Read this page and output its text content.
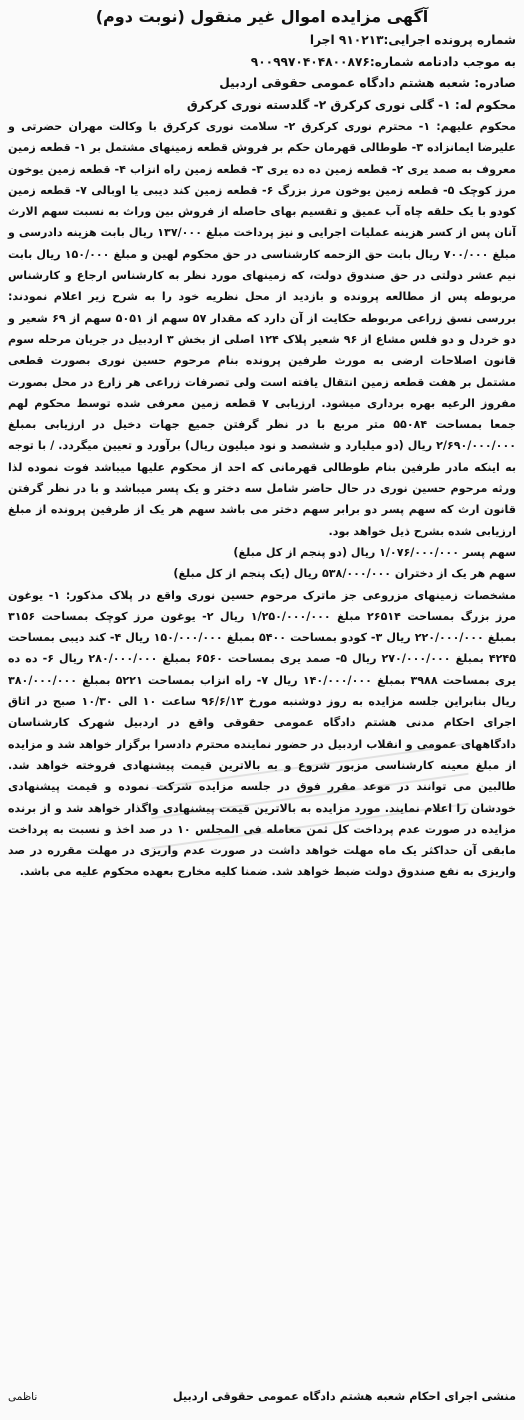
آگهی مزایده اموال غیر منقول (نوبت دوم)
شماره پرونده اجرایی:۹۱۰۲۱۳ اجرا
به موجب دادنامه شماره:۹۰۰۹۹۷۰۴۰۴۸۰۰۸۷۶
صادره: شعبه هشتم دادگاه عمومی حقوقی اردبیل
محکوم له: ۱- گلی نوری کرکرق ۲- گلدسته نوری کرکرق

محکوم علیهم: ۱- محترم نوری کرکرق ۲- سلامت نوری کرکرق با وکالت مهران حضرتی و علیرضا ایمانزاده ۳- طوطالی قهرمان حکم بر فروش قطعه زمینهای مشتمل بر ۱- قطعه زمین معروف به صمد یری ۲- قطعه زمین ده ده یری ۳- قطعه زمین راه انزاب ۴- قطعه زمین یوخون مرز کوچک ۵- قطعه زمین یوخون مرز بزرگ ۶- قطعه زمین کند دیبی یا اوبالی ۷- قطعه زمین کودو با یک حلقه چاه آب عمیق و تقسیم بهای حاصله از فروش بین وراث به نسبت سهم الارث آنان پس از کسر هزینه عملیات اجرایی و نیز پرداخت مبلغ ۱۳۷/۰۰۰ ریال بابت هزینه دادرسی و مبلغ ۷۰۰/۰۰۰ ریال بابت حق الزحمه کارشناسی در حق محکوم لهین و مبلغ ۱۵۰/۰۰۰ ریال بابت نیم عشر دولتی در حق صندوق دولت، که زمینهای مورد نظر به کارشناس ارجاع و کارشناس مربوطه پس از مطالعه پرونده و بازدید از محل نظریه خود را به شرح زیر اعلام نمودند: بررسی نسق زراعی مربوطه حکایت از آن دارد که مقدار ۵۷ سهم از ۵۰۵۱ سهم از ۶۹ شعیر و دو خردل و دو فلس مشاع از ۹۶ شعیر پلاک ۱۲۴ اصلی از بخش ۳ اردبیل در جریان مرحله سوم قانون اصلاحات ارضی به مورث طرفین پرونده بنام مرحوم حسین نوری بصورت قطعی مشتمل بر هفت قطعه زمین انتقال یافته است ولی تصرفات زراعی هر زارع در محل بصورت مفروز الرعیه بهره برداری میشود. ارزیابی ۷ قطعه زمین معرفی شده توسط محکوم لهم جمعا بمساحت ۵۵۰۸۴ متر مربع با در نظر گرفتن جمیع جهات دخیل در ارزیابی بمبلغ ۲/۶۹۰/۰۰۰/۰۰۰ ریال (دو میلیارد و ششصد و نود میلیون ریال) برآورد و تعیین میگردد. / با توجه به اینکه مادر طرفین بنام طوطالی قهرمانی که احد از محکوم علیها میباشد فوت نموده لذا ورثه مرحوم حسین نوری در حال حاضر شامل سه دختر و یک پسر میباشد و با در نظر گرفتن قانون ارث که سهم پسر دو برابر سهم دختر می باشد سهم هر یک از طرفین پرونده از مبلغ ارزیابی شده بشرح ذیل خواهد بود.

سهم پسر ۱/۰۷۶/۰۰۰/۰۰۰ ریال (دو پنجم از کل مبلغ)
سهم هر یک از دختران ۵۳۸/۰۰۰/۰۰۰ ریال (یک پنجم از کل مبلغ)

مشخصات زمینهای مزروعی جز ماترک مرحوم حسین نوری واقع در پلاک مذکور: ۱- یوغون مرز بزرگ بمساحت ۲۶۵۱۴ مبلغ ۱/۲۵۰/۰۰۰/۰۰۰ ریال ۲- یوغون مرز کوچک بمساحت ۳۱۵۶ بمبلغ ۲۲۰/۰۰۰/۰۰۰ ریال ۳- کودو بمساحت ۵۴۰۰ بمبلغ ۱۵۰/۰۰۰/۰۰۰ ریال ۴- کند دیبی بمساحت ۴۲۴۵ بمبلغ ۲۷۰/۰۰۰/۰۰۰ ریال ۵- صمد یری بمساحت ۶۵۶۰ بمبلغ ۲۸۰/۰۰۰/۰۰۰ ریال ۶- ده ده یری بمساحت ۳۹۸۸ بمبلغ ۱۴۰/۰۰۰/۰۰۰ ریال ۷- راه انزاب بمساحت ۵۲۲۱ بمبلغ ۳۸۰/۰۰۰/۰۰۰ ریال بنابراین جلسه مزایده به روز دوشنبه مورخ ۹۶/۶/۱۳ ساعت ۱۰ الی ۱۰/۳۰ صبح در اتاق اجرای احکام مدنی هشتم دادگاه عمومی حقوقی واقع در اردبیل شهرک کارشناسان دادگاههای عمومی و انقلاب اردبیل در حضور نماینده محترم دادسرا برگزار خواهد شد و مزایده از مبلغ معینه کارشناسی مزبور شروع و به بالاترین قیمت پیشنهادی فروخته خواهد شد. طالبین می توانند در موعد مقرر فوق در جلسه مزایده شرکت نموده و قیمت پیشنهادی خودشان را اعلام نمایند. مورد مزایده به بالاترین قیمت پیشنهادی واگذار خواهد شد و از برنده مزایده در صورت عدم پرداخت کل ثمن معامله فی المجلس ۱۰ در صد اخذ و نسبت به پرداخت مابقی آن حداکثر یک ماه مهلت خواهد داشت در صورت عدم واریزی در مهلت مقرره در صد واریزی به نفع صندوق دولت ضبط خواهد شد. ضمنا کلیه مخارج بعهده محکوم علیه می باشد.

منشی اجرای احکام شعبه هشتم دادگاه عمومی حقوقی اردبیل
ناظمی
